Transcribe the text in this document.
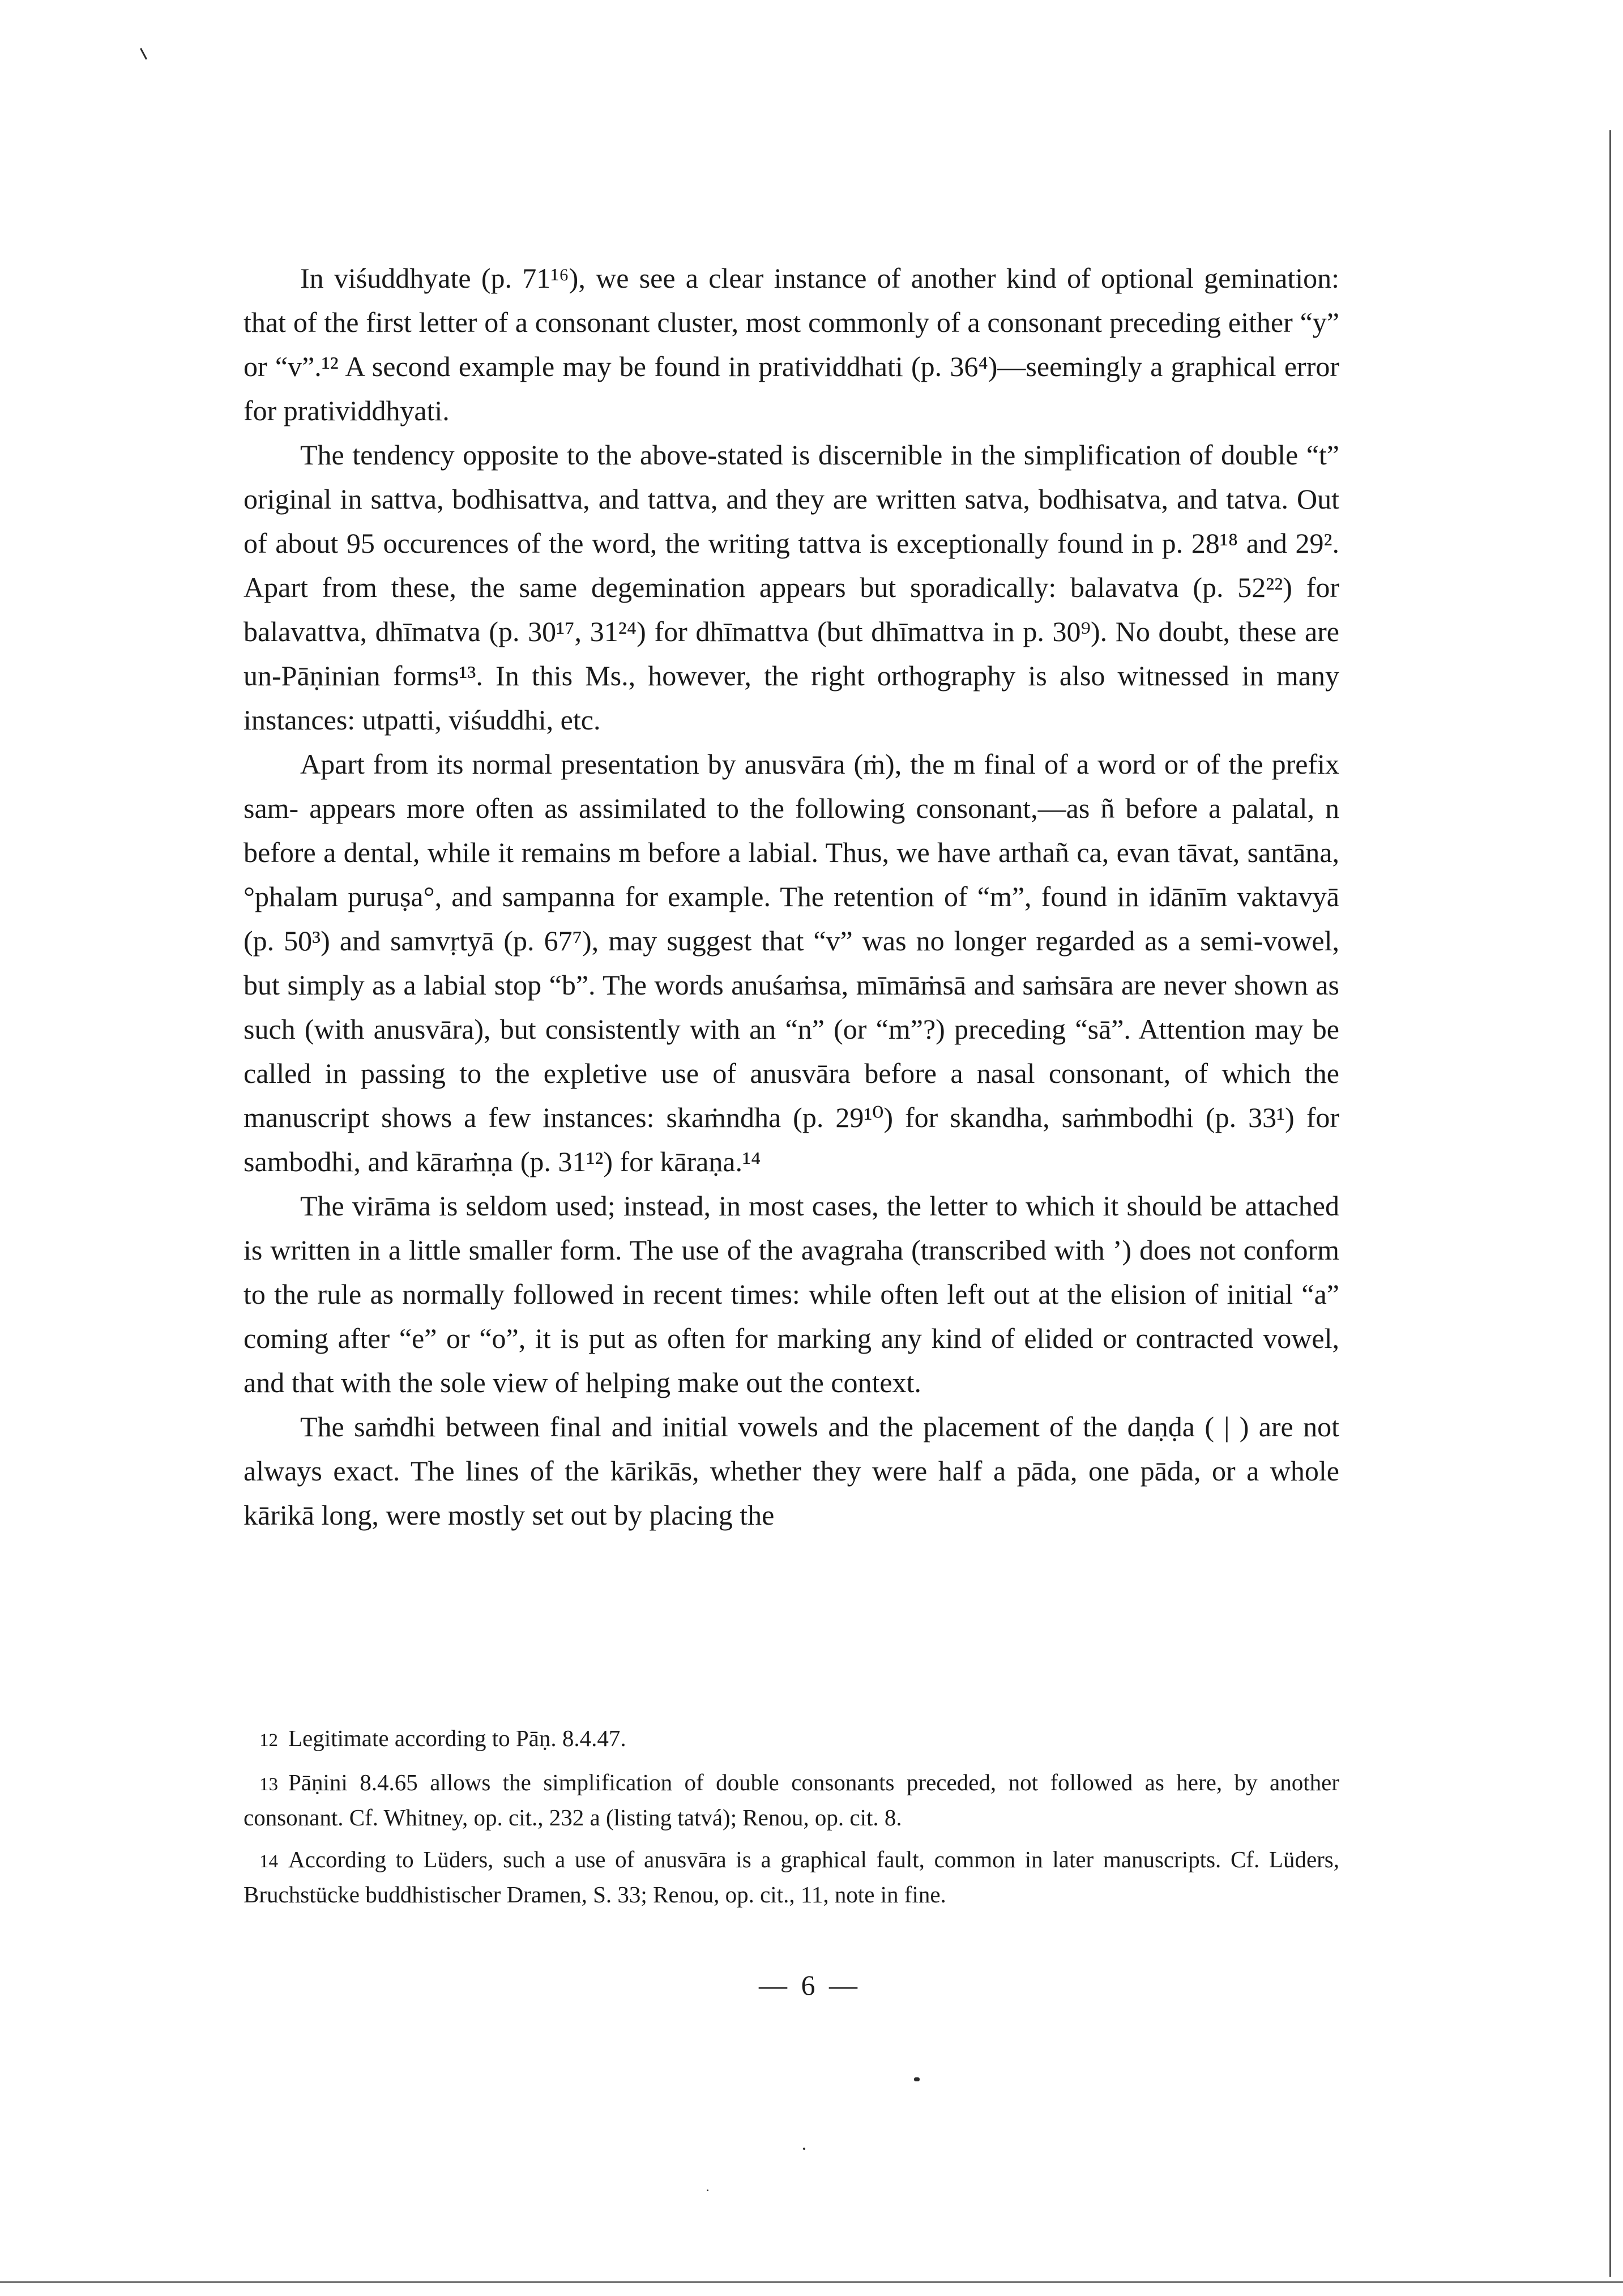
In viśuddhyate (p. 71¹⁶), we see a clear instance of another kind of optional gemination: that of the first letter of a consonant cluster, most commonly of a consonant preceding either “y” or “v”.¹² A second example may be found in pratividdhati (p. 36⁴)—seemingly a graphical error for pratividdhyati.

The tendency opposite to the above-stated is discernible in the simplification of double “t” original in sattva, bodhisattva, and tattva, and they are written satva, bodhisatva, and tatva. Out of about 95 occurences of the word, the writing tattva is exceptionally found in p. 28¹⁸ and 29². Apart from these, the same degemination appears but sporadically: balavatva (p. 52²²) for balavattva, dhīmatva (p. 30¹⁷, 31²⁴) for dhīmattva (but dhīmattva in p. 30⁹). No doubt, these are un-Pāṇinian forms¹³. In this Ms., however, the right orthography is also witnessed in many instances: utpatti, viśuddhi, etc.

Apart from its normal presentation by anusvāra (ṁ), the m final of a word or of the prefix sam- appears more often as assimilated to the following consonant,—as ñ before a palatal, n before a dental, while it remains m before a labial. Thus, we have arthañ ca, evan tāvat, santāna, °phalam puruṣa°, and sampanna for example. The retention of “m”, found in idānīm vaktavyā (p. 50³) and samvṛtyā (p. 67⁷), may suggest that “v” was no longer regarded as a semi-vowel, but simply as a labial stop “b”. The words anuśaṁsa, mīmāṁsā and saṁsāra are never shown as such (with anusvāra), but consistently with an “n” (or “m”?) preceding “sā”. Attention may be called in passing to the expletive use of anusvāra before a nasal consonant, of which the manuscript shows a few instances: skaṁndha (p. 29¹⁰) for skandha, saṁmbodhi (p. 33¹) for sambodhi, and kāraṁṇa (p. 31¹²) for kāraṇa.¹⁴

The virāma is seldom used; instead, in most cases, the letter to which it should be attached is written in a little smaller form. The use of the avagraha (transcribed with ’) does not conform to the rule as normally followed in recent times: while often left out at the elision of initial “a” coming after “e” or “o”, it is put as often for marking any kind of elided or contracted vowel, and that with the sole view of helping make out the context.

The saṁdhi between final and initial vowels and the placement of the daṇḍa ( | ) are not always exact. The lines of the kārikās, whether they were half a pāda, one pāda, or a whole kārikā long, were mostly set out by placing the

12 Legitimate according to Pāṇ. 8.4.47.

13 Pāṇini 8.4.65 allows the simplification of double consonants preceded, not followed as here, by another consonant. Cf. Whitney, op. cit., 232 a (listing tatvá); Renou, op. cit. 8.

14 According to Lüders, such a use of anusvāra is a graphical fault, common in later manuscripts. Cf. Lüders, Bruchstücke buddhistischer Dramen, S. 33; Renou, op. cit., 11, note in fine.

— 6 —
